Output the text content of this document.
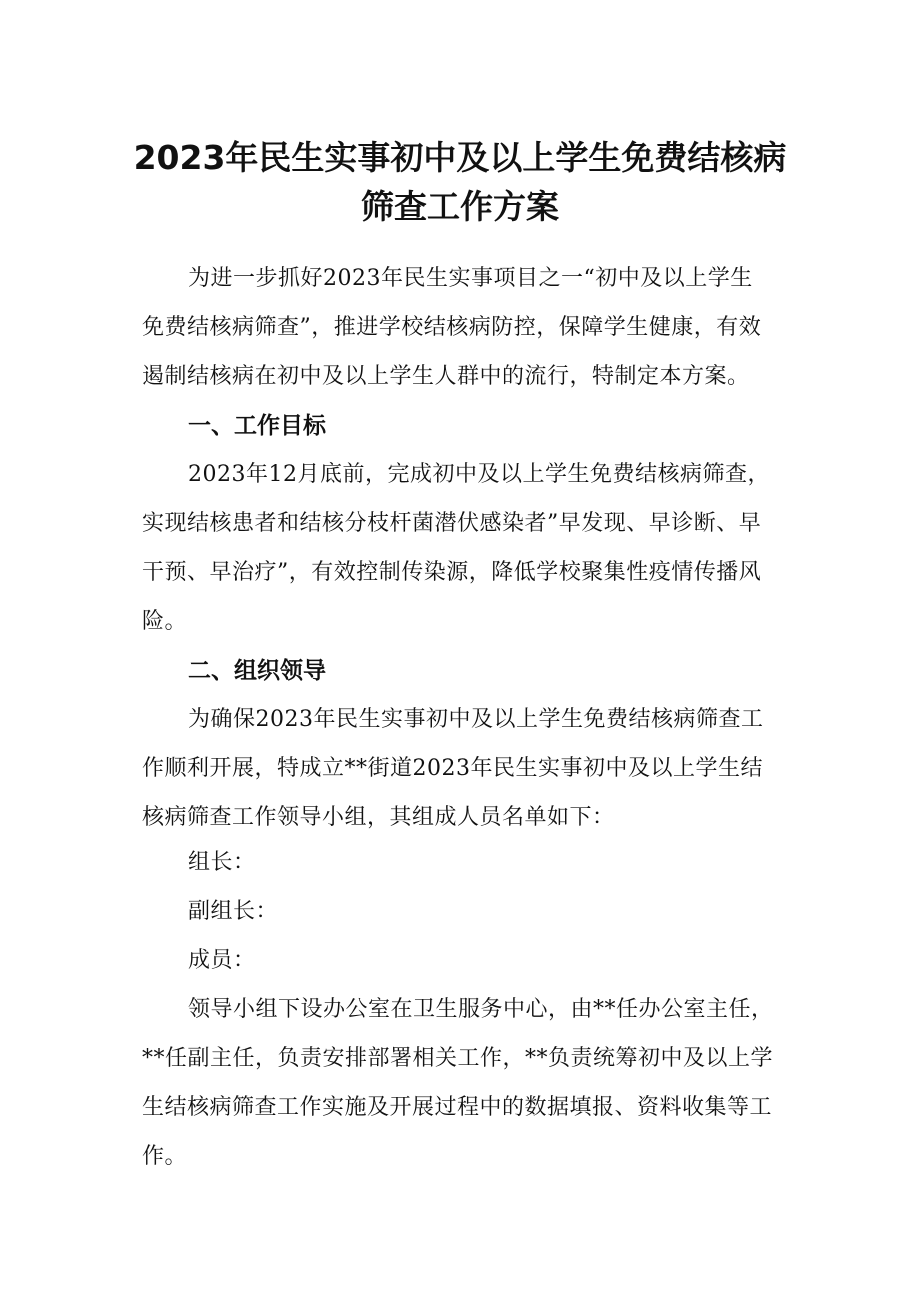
2023年民生实事初中及以上学生免费结核病
筛查工作方案
为进一步抓好2023年民生实事项目之一“初中及以上学生
免费结核病筛查”，推进学校结核病防控，保障学生健康，有效
遏制结核病在初中及以上学生人群中的流行，特制定本方案。
一、工作目标
2023年12月底前，完成初中及以上学生免费结核病筛查，
实现结核患者和结核分枝杆菌潜伏感染者”早发现、早诊断、早
干预、早治疗”，有效控制传染源，降低学校聚集性疫情传播风
险。
二、组织领导
为确保2023年民生实事初中及以上学生免费结核病筛查工
作顺利开展，特成立**街道2023年民生实事初中及以上学生结
核病筛查工作领导小组，其组成人员名单如下：
组长：
副组长：
成员：
领导小组下设办公室在卫生服务中心，由**任办公室主任，
**任副主任，负责安排部署相关工作，**负责统筹初中及以上学
生结核病筛查工作实施及开展过程中的数据填报、资料收集等工
作。
